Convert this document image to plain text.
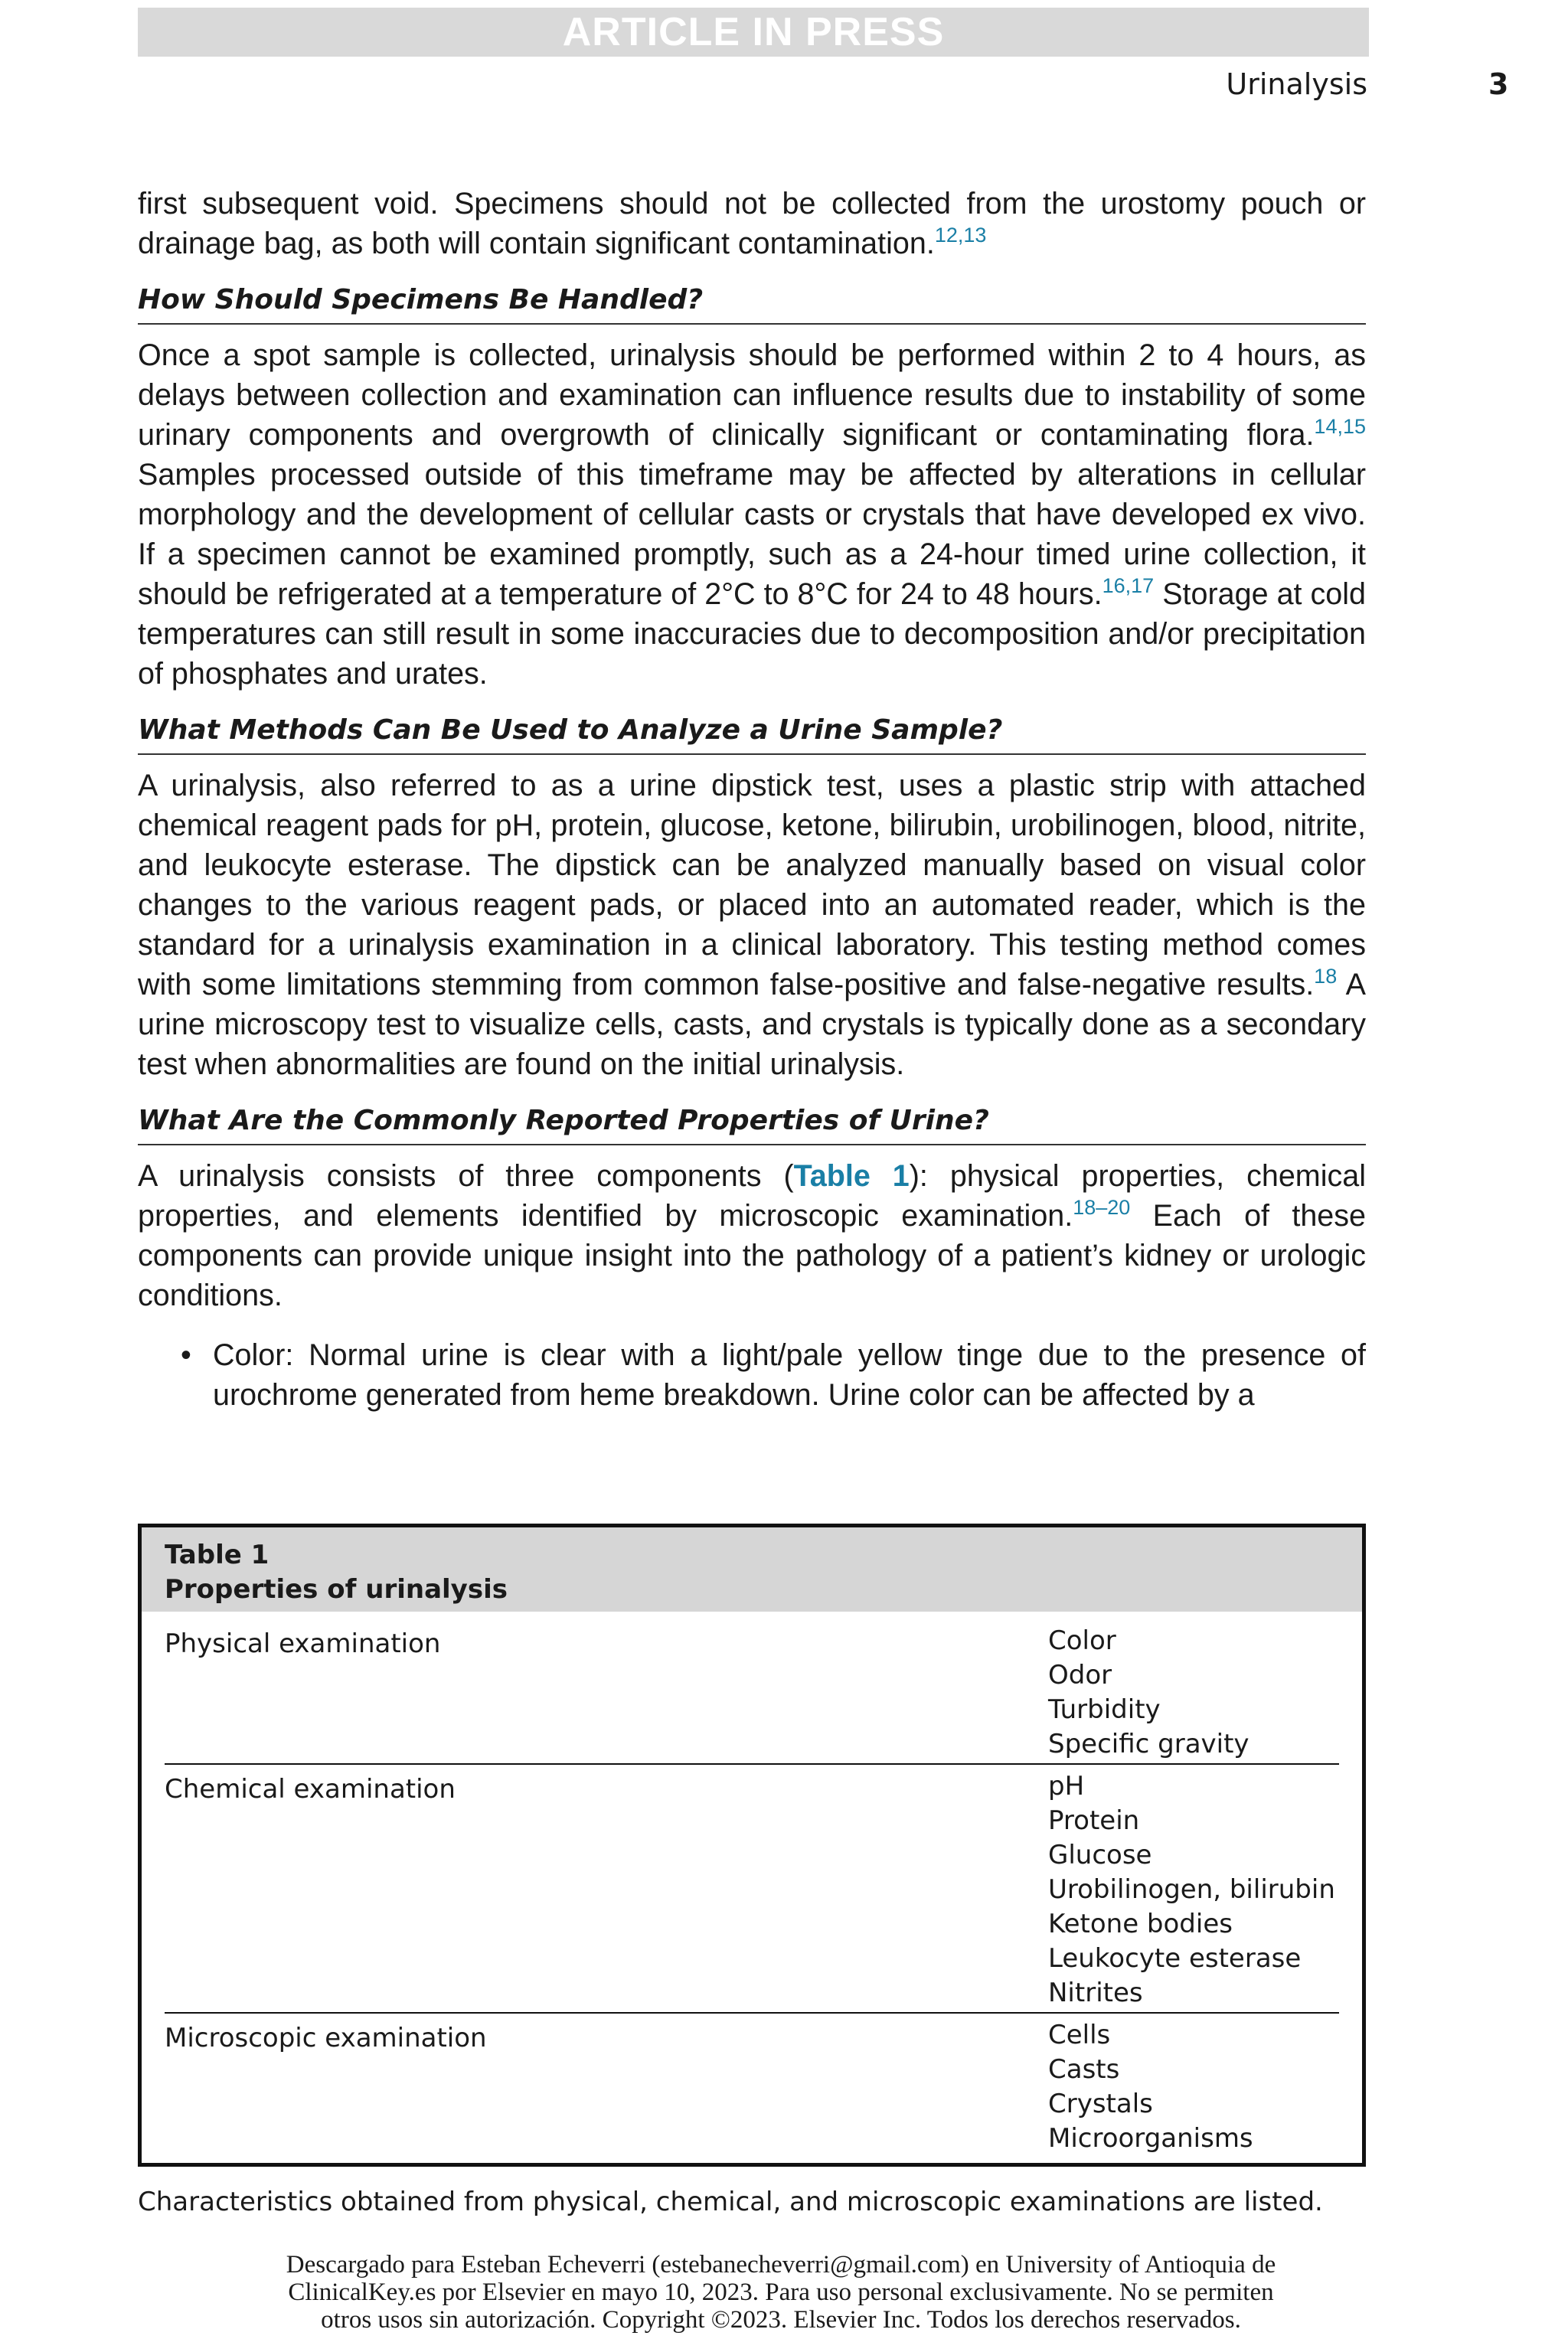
ARTICLE IN PRESS
Urinalysis	3

first subsequent void. Specimens should not be collected from the urostomy pouch or drainage bag, as both will contain significant contamination.$^{12,13}$

How Should Specimens Be Handled?

Once a spot sample is collected, urinalysis should be performed within 2 to 4 hours, as delays between collection and examination can influence results due to instability of some urinary components and overgrowth of clinically significant or contaminating flora.$^{14,15}$ Samples processed outside of this timeframe may be affected by alterations in cellular morphology and the development of cellular casts or crystals that have developed ex vivo. If a specimen cannot be examined promptly, such as a 24-hour timed urine collection, it should be refrigerated at a temperature of 2°C to 8°C for 24 to 48 hours.$^{16,17}$ Storage at cold temperatures can still result in some inaccuracies due to decomposition and/or precipitation of phosphates and urates.

What Methods Can Be Used to Analyze a Urine Sample?

A urinalysis, also referred to as a urine dipstick test, uses a plastic strip with attached chemical reagent pads for pH, protein, glucose, ketone, bilirubin, urobilinogen, blood, nitrite, and leukocyte esterase. The dipstick can be analyzed manually based on visual color changes to the various reagent pads, or placed into an automated reader, which is the standard for a urinalysis examination in a clinical laboratory. This testing method comes with some limitations stemming from common false-positive and false-negative results.$^{18}$ A urine microscopy test to visualize cells, casts, and crystals is typically done as a secondary test when abnormalities are found on the initial urinalysis.

What Are the Commonly Reported Properties of Urine?

A urinalysis consists of three components (Table 1): physical properties, chemical properties, and elements identified by microscopic examination.$^{18-20}$ Each of these components can provide unique insight into the pathology of a patient’s kidney or urologic conditions.

• Color: Normal urine is clear with a light/pale yellow tinge due to the presence of urochrome generated from heme breakdown. Urine color can be affected by a
Table 1
Properties of urinalysis
Physical examination	Color
Odor
Turbidity
Specific gravity
Chemical examination	pH
Protein
Glucose
Urobilinogen, bilirubin
Ketone bodies
Leukocyte esterase
Nitrites
Microscopic examination	Cells
Casts
Crystals
Microorganisms
Characteristics obtained from physical, chemical, and microscopic examinations are listed.
Descargado para Esteban Echeverri (estebanecheverri@gmail.com) en University of Antioquia de
ClinicalKey.es por Elsevier en mayo 10, 2023. Para uso personal exclusivamente. No se permiten
otros usos sin autorización. Copyright ©2023. Elsevier Inc. Todos los derechos reservados.
